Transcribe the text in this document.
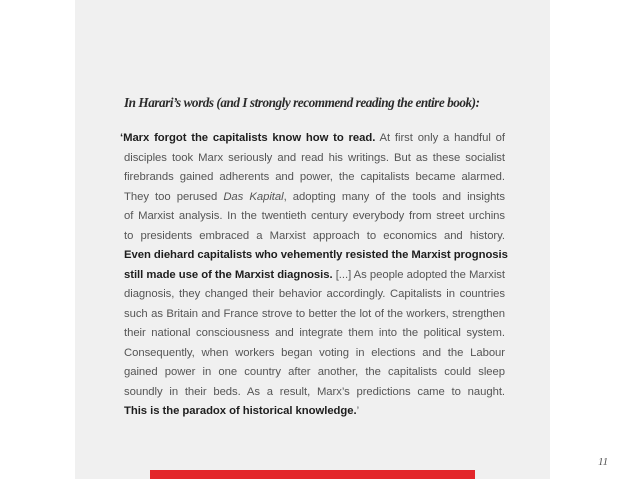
In Harari’s words (and I strongly recommend reading the entire book):
‘Marx forgot the capitalists know how to read. At first only a handful of
disciples took Marx seriously and read his writings. But as these socialist
firebrands gained adherents and power, the capitalists became alarmed.
They too perused Das Kapital, adopting many of the tools and insights
of Marxist analysis. In the twentieth century everybody from street urchins
to presidents embraced a Marxist approach to economics and history.
Even diehard capitalists who vehemently resisted the Marxist prognosis
still made use of the Marxist diagnosis. [...] As people adopted the Marxist
diagnosis, they changed their behavior accordingly. Capitalists in countries
such as Britain and France strove to better the lot of the workers, strengthen
their national consciousness and integrate them into the political system.
Consequently, when workers began voting in elections and the Labour
gained power in one country after another, the capitalists could sleep
soundly in their beds. As a result, Marx’s predictions came to naught.
This is the paradox of historical knowledge.’
11
